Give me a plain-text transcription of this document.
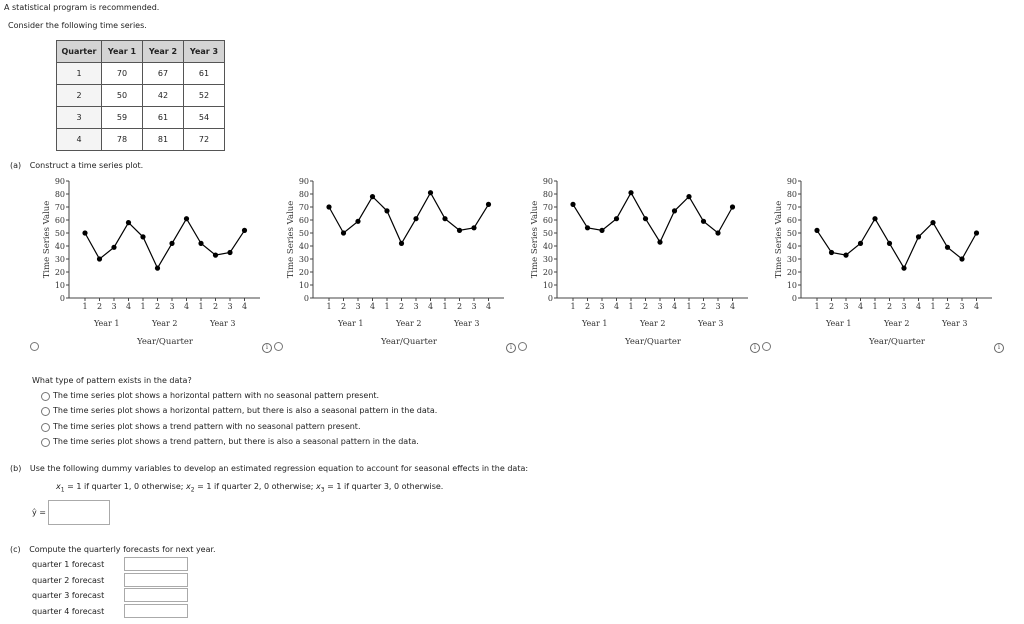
A statistical program is recommended.
Consider the following time series.
Quarter	Year 1	Year 2	Year 3
1	70	67	61
2	50	42	52
3	59	61	54
4	78	81	72
(a) Construct a time series plot.
0
10
20
30
40
50
60
70
80
90
1 2 3 4 1 2 3 4 1 2 3 4
Year 1	Year 2	Year 3
Year/Quarter
Time Series Value
0
10
20
30
40
50
60
70
80
90
1 2 3 4 1 2 3 4 1 2 3 4
Year 1	Year 2	Year 3
Year/Quarter
Time Series Value
0
10
20
30
40
50
60
70
80
90
1 2 3 4 1 2 3 4 1 2 3 4
Year 1	Year 2	Year 3
Year/Quarter
Time Series Value
0
10
20
30
40
50
60
70
80
90
1 2 3 4 1 2 3 4 1 2 3 4
Year 1	Year 2	Year 3
Year/Quarter
Time Series Value
i	i	i	i
What type of pattern exists in the data?
The time series plot shows a horizontal pattern with no seasonal pattern present.
The time series plot shows a horizontal pattern, but there is also a seasonal pattern in the data.
The time series plot shows a trend pattern with no seasonal pattern present.
The time series plot shows a trend pattern, but there is also a seasonal pattern in the data.
(b) Use the following dummy variables to develop an estimated regression equation to account for seasonal effects in the data:
$x_1 = 1$ if quarter 1, 0 otherwise; $x_2 = 1$ if quarter 2, 0 otherwise; $x_3 = 1$ if quarter 3, 0 otherwise.
ŷ =
(c) Compute the quarterly forecasts for next year.
quarter 1 forecast
quarter 2 forecast
quarter 3 forecast
quarter 4 forecast
